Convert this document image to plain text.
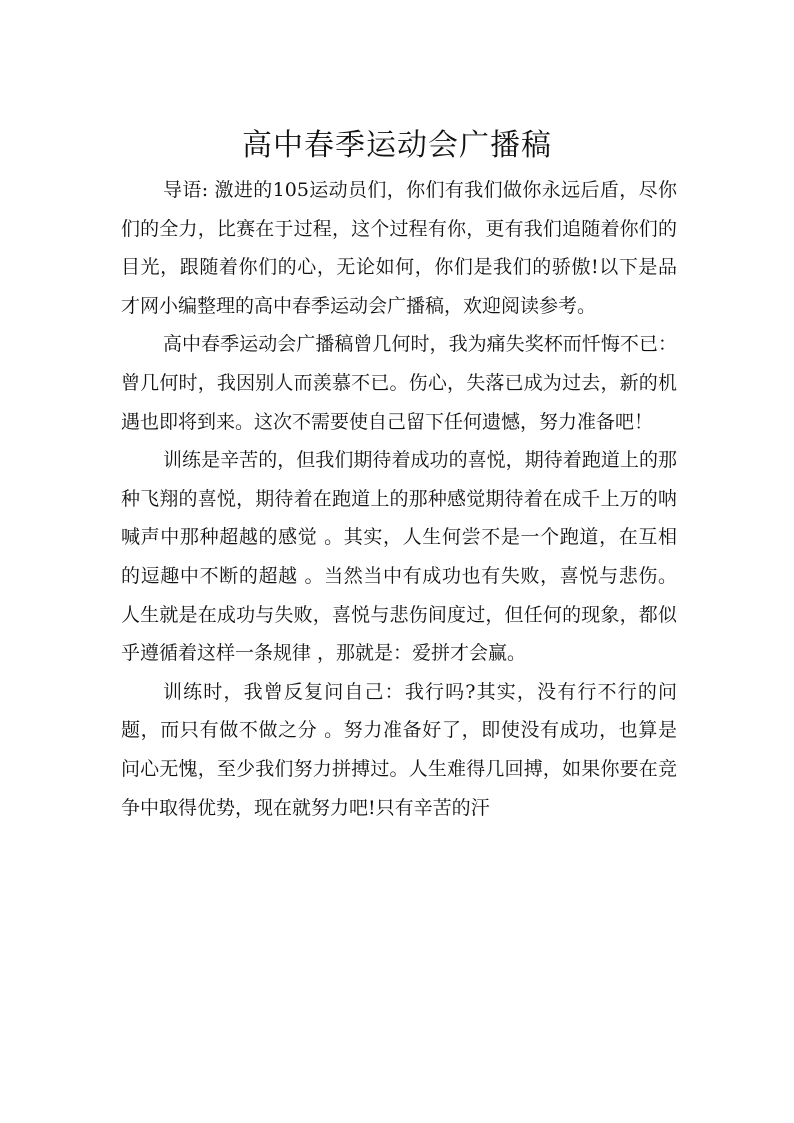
高中春季运动会广播稿

导语: 激进的105运动员们，你们有我们做你永远后盾，尽你们的全力，比赛在于过程，这个过程有你，更有我们追随着你们的目光，跟随着你们的心，无论如何，你们是我们的骄傲!以下是品才网小编整理的高中春季运动会广播稿，欢迎阅读参考。

高中春季运动会广播稿曾几何时，我为痛失奖杯而忏悔不已：曾几何时，我因别人而羡慕不已。伤心，失落已成为过去，新的机遇也即将到来。这次不需要使自己留下任何遗憾，努力准备吧！

训练是辛苦的，但我们期待着成功的喜悦，期待着跑道上的那种飞翔的喜悦，期待着在跑道上的那种感觉期待着在成千上万的呐喊声中那种超越的感觉 。其实，人生何尝不是一个跑道，在互相的逗趣中不断的超越 。当然当中有成功也有失败，喜悦与悲伤。人生就是在成功与失败，喜悦与悲伤间度过，但任何的现象，都似乎遵循着这样一条规律 ，那就是：爱拼才会赢。

训练时，我曾反复问自己：我行吗?其实，没有行不行的问题，而只有做不做之分 。努力准备好了，即使没有成功，也算是问心无愧，至少我们努力拼搏过。人生难得几回搏，如果你要在竞争中取得优势，现在就努力吧!只有辛苦的汗
